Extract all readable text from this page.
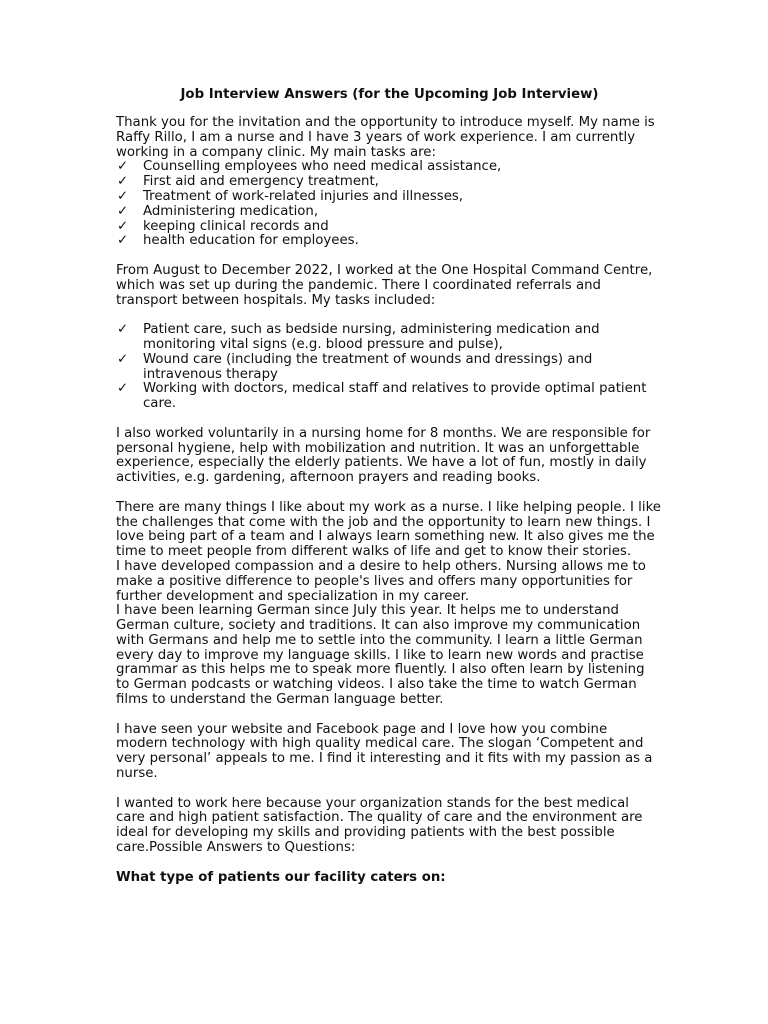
Job Interview Answers (for the Upcoming Job Interview)

Thank you for the invitation and the opportunity to introduce myself. My name is Raffy Rillo, I am a nurse and I have 3 years of work experience. I am currently working in a company clinic. My main tasks are:

✓ Counselling employees who need medical assistance,
✓ First aid and emergency treatment,
✓ Treatment of work-related injuries and illnesses,
✓ Administering medication,
✓ keeping clinical records and
✓ health education for employees.

From August to December 2022, I worked at the One Hospital Command Centre, which was set up during the pandemic. There I coordinated referrals and transport between hospitals. My tasks included:

✓ Patient care, such as bedside nursing, administering medication and monitoring vital signs (e.g. blood pressure and pulse),
✓ Wound care (including the treatment of wounds and dressings) and intravenous therapy
✓ Working with doctors, medical staff and relatives to provide optimal patient care.

I also worked voluntarily in a nursing home for 8 months. We are responsible for personal hygiene, help with mobilization and nutrition. It was an unforgettable experience, especially the elderly patients. We have a lot of fun, mostly in daily activities, e.g. gardening, afternoon prayers and reading books.

There are many things I like about my work as a nurse. I like helping people. I like the challenges that come with the job and the opportunity to learn new things. I love being part of a team and I always learn something new. It also gives me the time to meet people from different walks of life and get to know their stories.

I have developed compassion and a desire to help others. Nursing allows me to make a positive difference to people's lives and offers many opportunities for further development and specialization in my career.

I have been learning German since July this year. It helps me to understand German culture, society and traditions. It can also improve my communication with Germans and help me to settle into the community. I learn a little German every day to improve my language skills. I like to learn new words and practise grammar as this helps me to speak more fluently. I also often learn by listening to German podcasts or watching videos. I also take the time to watch German films to understand the German language better.

I have seen your website and Facebook page and I love how you combine modern technology with high quality medical care. The slogan ‘Competent and very personal’ appeals to me. I find it interesting and it fits with my passion as a nurse.

I wanted to work here because your organization stands for the best medical care and high patient satisfaction. The quality of care and the environment are ideal for developing my skills and providing patients with the best possible care.Possible Answers to Questions:

What type of patients our facility caters on:
